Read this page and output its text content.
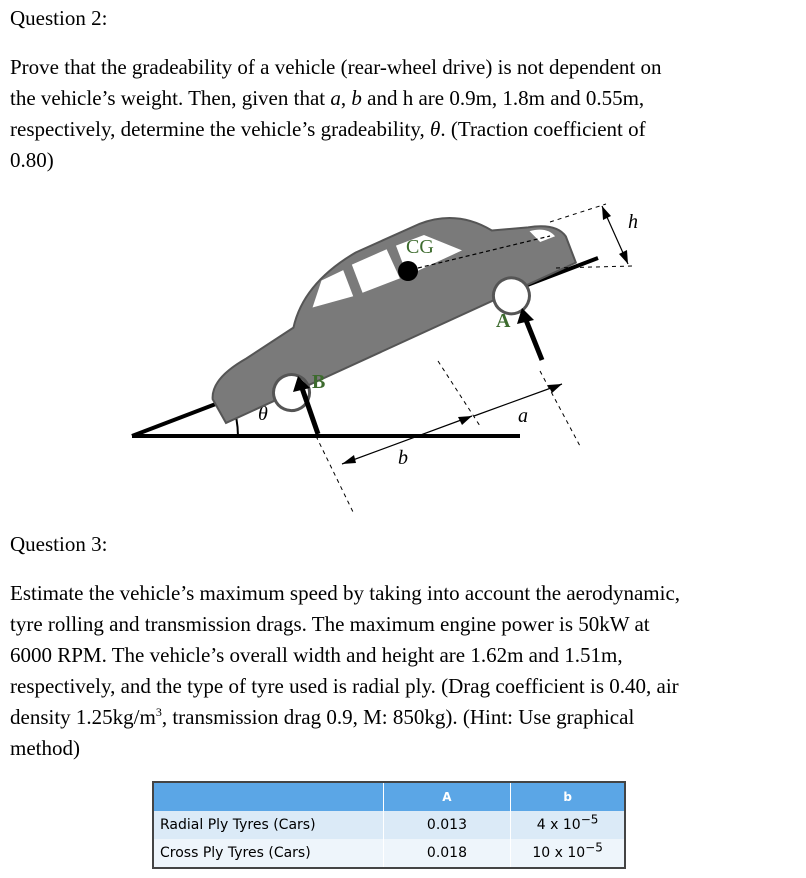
Question 2:
Prove that the gradeability of a vehicle (rear-wheel drive) is not dependent on
the vehicle’s weight. Then, given that a, b and h are 0.9m, 1.8m and 0.55m,
respectively, determine the vehicle’s gradeability, θ. (Traction coefficient of
0.80)
θ
CG
B
A
b
a
h
Question 3:
Estimate the vehicle’s maximum speed by taking into account the aerodynamic,
tyre rolling and transmission drags. The maximum engine power is 50kW at
6000 RPM. The vehicle’s overall width and height are 1.62m and 1.51m,
respectively, and the type of tyre used is radial ply. (Drag coefficient is 0.40, air
density $1.25kg/m^3$, transmission drag 0.9, M: 850kg). (Hint: Use graphical
method)
	A	b
Radial Ply Tyres (Cars)	0.013	4 x $10^{-5}$
Cross Ply Tyres (Cars)	0.018	10 x $10^{-5}$
